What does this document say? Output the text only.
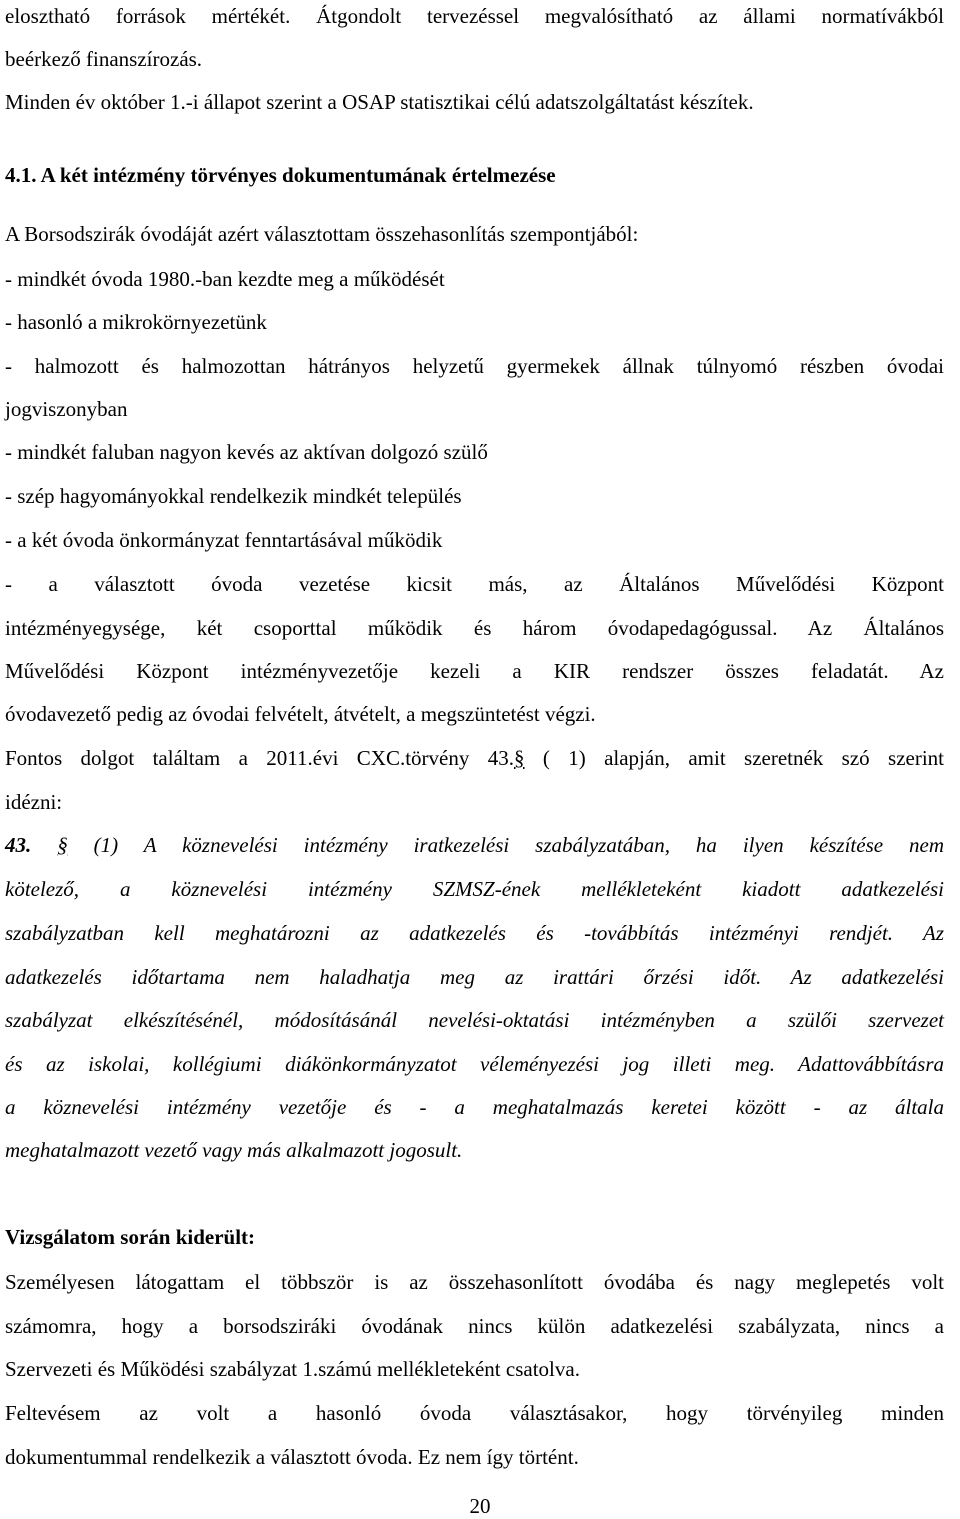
elosztható források mértékét. Átgondolt tervezéssel megvalósítható az állami normatívákból
beérkező finanszírozás.
Minden év október 1.-i állapot szerint a OSAP statisztikai célú adatszolgáltatást készítek.
4.1. A két intézmény törvényes dokumentumának értelmezése
A Borsodszirák óvodáját azért választottam összehasonlítás szempontjából:
- mindkét óvoda 1980.-ban kezdte meg a működését
- hasonló a mikrokörnyezetünk
- halmozott és halmozottan hátrányos helyzetű gyermekek állnak túlnyomó részben óvodai
jogviszonyban
- mindkét faluban nagyon kevés az aktívan dolgozó szülő
- szép hagyományokkal rendelkezik mindkét település
- a két óvoda önkormányzat fenntartásával működik
- a választott óvoda vezetése kicsit más, az Általános Művelődési Központ
intézményegysége, két csoporttal működik és három óvodapedagógussal. Az Általános
Művelődési Központ intézményvezetője kezeli a KIR rendszer összes feladatát. Az
óvodavezető pedig az óvodai felvételt, átvételt, a megszüntetést végzi.
Fontos dolgot találtam a 2011.évi CXC.törvény 43.§ ( 1) alapján, amit szeretnék szó szerint
idézni:
43. § (1) A köznevelési intézmény iratkezelési szabályzatában, ha ilyen készítése nem
kötelező, a köznevelési intézmény SZMSZ-ének mellékleteként kiadott adatkezelési
szabályzatban kell meghatározni az adatkezelés és -továbbítás intézményi rendjét. Az
adatkezelés időtartama nem haladhatja meg az irattári őrzési időt. Az adatkezelési
szabályzat elkészítésénél, módosításánál nevelési-oktatási intézményben a szülői szervezet
és az iskolai, kollégiumi diákönkormányzatot véleményezési jog illeti meg. Adattovábbításra
a köznevelési intézmény vezetője és - a meghatalmazás keretei között - az általa
meghatalmazott vezető vagy más alkalmazott jogosult.
Vizsgálatom során kiderült:
Személyesen látogattam el többször is az összehasonlított óvodába és nagy meglepetés volt
számomra, hogy a borsodsziráki óvodának nincs külön adatkezelési szabályzata, nincs a
Szervezeti és Működési szabályzat 1.számú mellékleteként csatolva.
Feltevésem az volt a hasonló óvoda választásakor, hogy törvényileg minden
dokumentummal rendelkezik a választott óvoda. Ez nem így történt.
20
